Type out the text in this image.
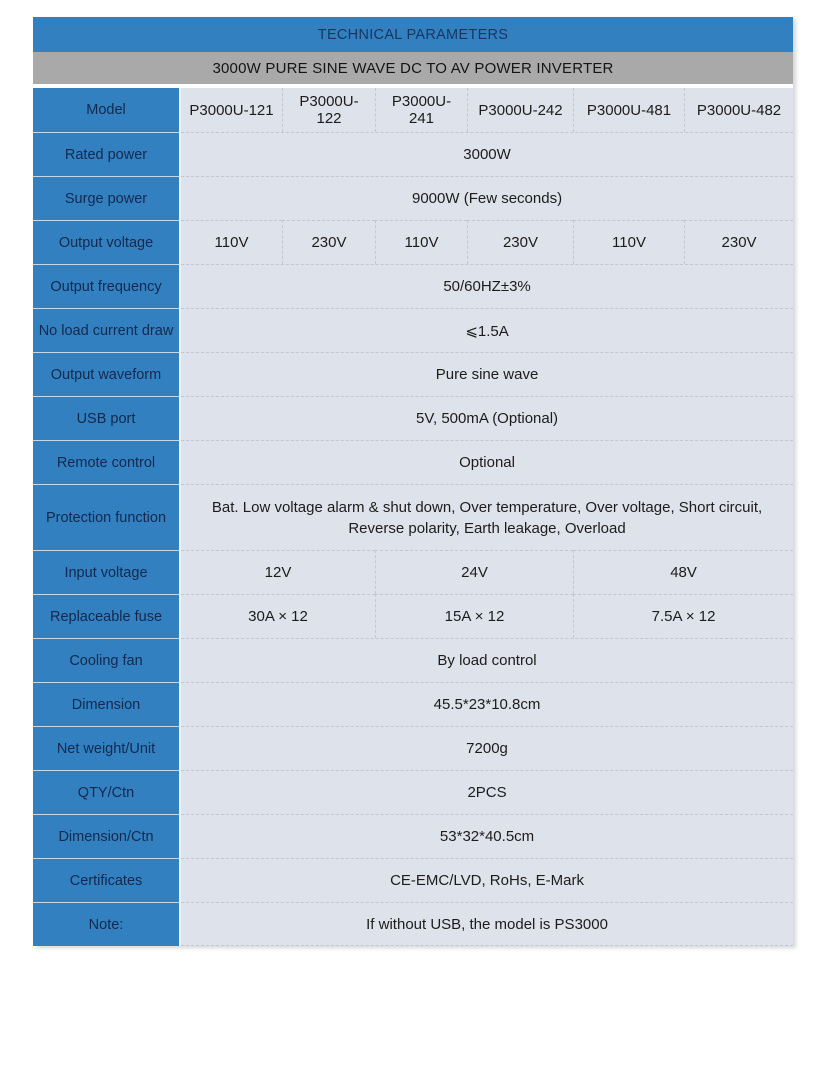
TECHNICAL PARAMETERS						
3000W PURE SINE WAVE DC TO AV POWER INVERTER						
Model	P3000U-121	P3000U-122	P3000U-241	P3000U-242	P3000U-481	P3000U-482
Rated power	3000W					
Surge power	9000W (Few seconds)					
Output voltage	110V	230V	110V	230V	110V	230V
Output frequency	50/60HZ±3%					
No load current draw	⩽1.5A					
Output waveform	Pure sine wave					
USB port	5V, 500mA (Optional)					
Remote control	Optional					
Protection function	Bat. Low voltage alarm & shut down, Over temperature, Over voltage, Short circuit, Reverse polarity, Earth leakage, Overload					
Input voltage	12V		24V		48V	
Replaceable fuse	30A × 12		15A × 12		7.5A × 12	
Cooling fan	By load control					
Dimension	45.5*23*10.8cm					
Net weight/Unit	7200g					
QTY/Ctn	2PCS					
Dimension/Ctn	53*32*40.5cm					
Certificates	CE-EMC/LVD, RoHs, E-Mark					
Note:	If without USB, the model is PS3000					
